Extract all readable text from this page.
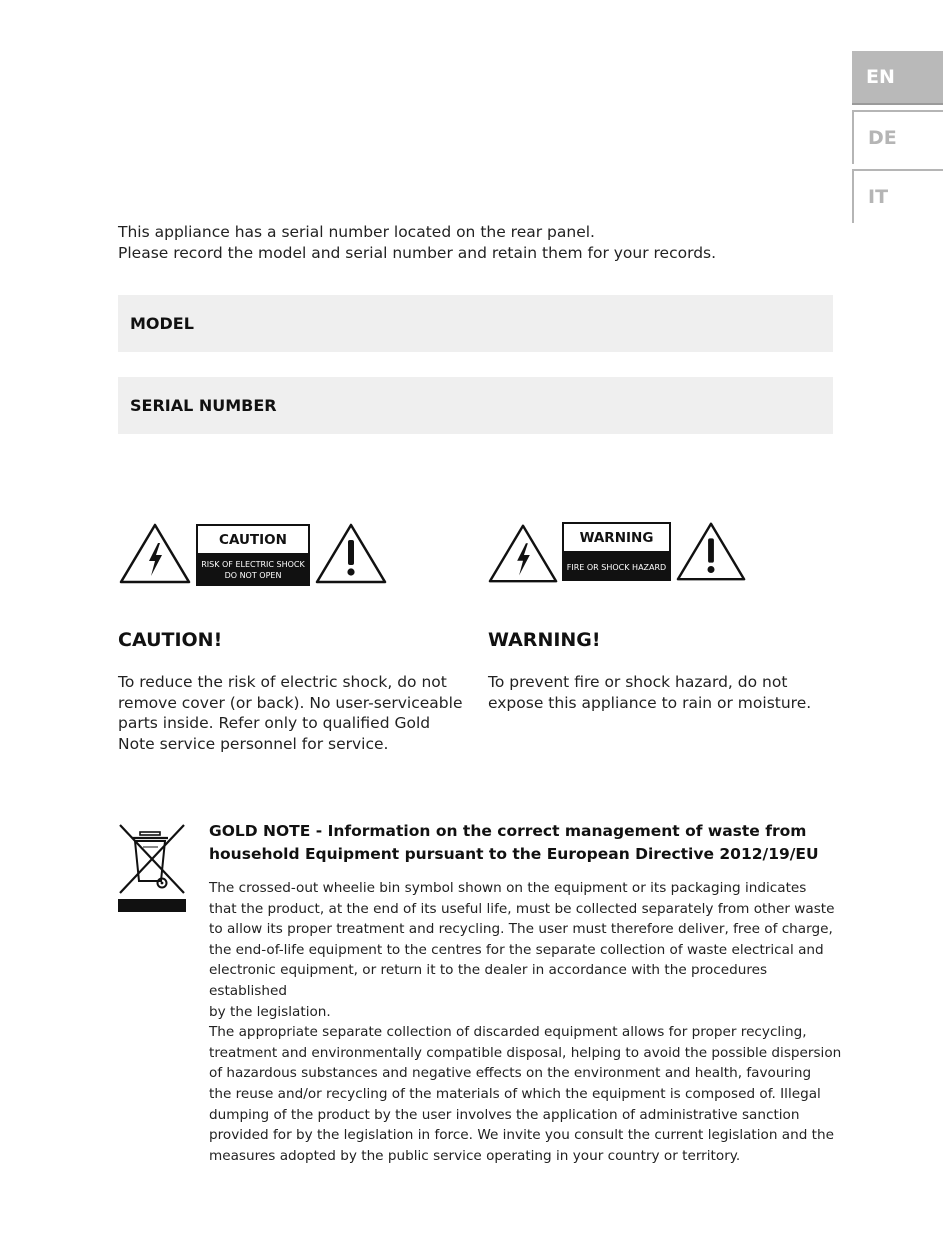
EN
DE
IT

This appliance has a serial number located on the rear panel.

Please record the model and serial number and retain them for your records.

MODEL
SERIAL NUMBER
CAUTION
RISK OF ELECTRIC SHOCK
DO NOT OPEN
WARNING
FIRE OR SHOCK HAZARD
CAUTION!	WARNING!
To reduce the risk of electric shock, do not
remove cover (or back). No user-serviceable
parts inside. Refer only to qualified Gold
Note service personnel for service.
To prevent fire or shock hazard, do not
expose this appliance to rain or moisture.
GOLD NOTE - Information on the correct management of waste from
household Equipment pursuant to the European Directive 2012/19/EU
The crossed-out wheelie bin symbol shown on the equipment or its packaging indicates
that the product, at the end of its useful life, must be collected separately from other waste
to allow its proper treatment and recycling. The user must therefore deliver, free of charge,
the end-of-life equipment to the centres for the separate collection of waste electrical and
electronic equipment, or return it to the dealer in accordance with the procedures established
by the legislation.
The appropriate separate collection of discarded equipment allows for proper recycling,
treatment and environmentally compatible disposal, helping to avoid the possible dispersion
of hazardous substances and negative effects on the environment and health, favouring
the reuse and/or recycling of the materials of which the equipment is composed of. Illegal
dumping of the product by the user involves the application of administrative sanction
provided for by the legislation in force. We invite you consult the current legislation and the
measures adopted by the public service operating in your country or territory.
